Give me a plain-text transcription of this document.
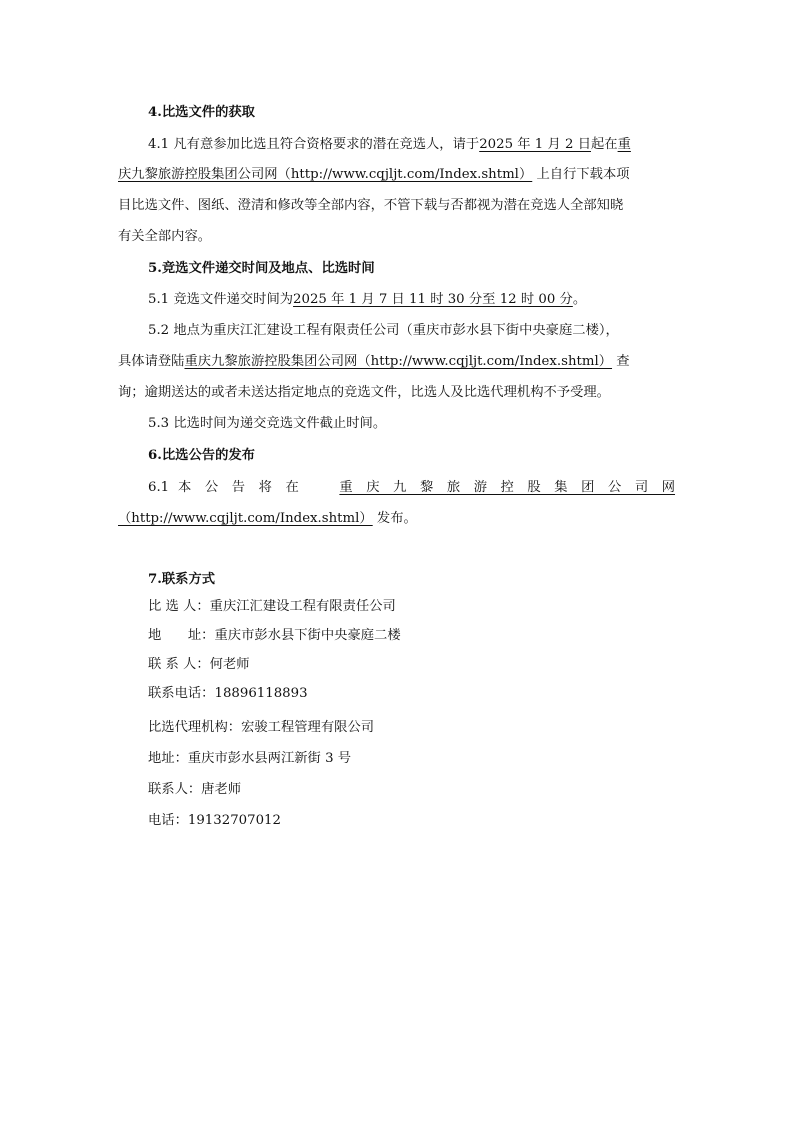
4.比选文件的获取
4.1 凡有意参加比选且符合资格要求的潜在竞选人，请于2025 年 1 月 2 日起在重
庆九黎旅游控股集团公司网（http://www.cqjljt.com/Index.shtml） 上自行下载本项
目比选文件、图纸、澄清和修改等全部内容，不管下载与否都视为潜在竞选人全部知晓
有关全部内容。
5.竞选文件递交时间及地点、比选时间
5.1 竞选文件递交时间为2025 年 1 月 7 日 11 时 30 分至 12 时 00 分。
5.2 地点为重庆江汇建设工程有限责任公司（重庆市彭水县下街中央豪庭二楼），
具体请登陆重庆九黎旅游控股集团公司网（http://www.cqjljt.com/Index.shtml） 查
询；逾期送达的或者未送达指定地点的竞选文件，比选人及比选代理机构不予受理。
5.3 比选时间为递交竞选文件截止时间。
6.比选公告的发布
6.1 本 公 告 将 在　　	重 庆 九 黎 旅 游 控 股 集 团 公 司 网
（http://www.cqjljt.com/Index.shtml） 发布。
7.联系方式
比 选 人：重庆江汇建设工程有限责任公司
地　　址：重庆市彭水县下街中央豪庭二楼
联 系 人：何老师
联系电话：18896118893
比选代理机构：宏骏工程管理有限公司
地址：重庆市彭水县两江新街 3 号
联系人：唐老师
电话：19132707012
